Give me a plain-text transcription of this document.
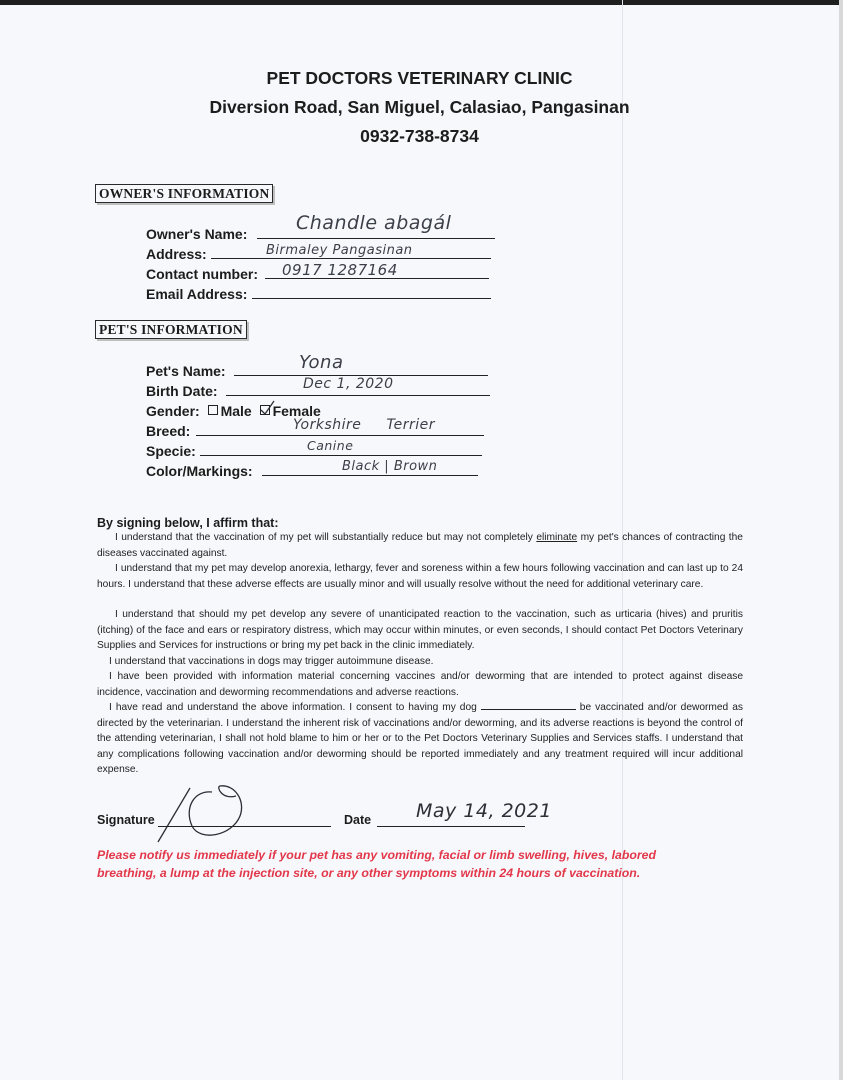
PET DOCTORS VETERINARY CLINIC
Diversion Road, San Miguel, Calasiao, Pangasinan
0932-738-8734
OWNER'S INFORMATION
Owner's Name:	Chandle abagál
Address:	Birmaley Pangasinan
Contact number: 0917 1287164
Email Address:
PET'S INFORMATION
Pet's Name:	Yona
Birth Date:	Dec 1, 2020
Gender: Male Female
Breed:	Yorkshire Terrier
Specie:	Canine
Color/Markings:	Black | Brown
By signing below, I affirm that:

I understand that the vaccination of my pet will substantially reduce but may not completely eliminate my pet's chances of contracting the diseases vaccinated against.

I understand that my pet may develop anorexia, lethargy, fever and soreness within a few hours following vaccination and can last up to 24 hours. I understand that these adverse effects are usually minor and will usually resolve without the need for additional veterinary care.

I understand that should my pet develop any severe of unanticipated reaction to the vaccination, such as urticaria (hives) and pruritis (itching) of the face and ears or respiratory distress, which may occur within minutes, or even seconds, I should contact Pet Doctors Veterinary Supplies and Services for instructions or bring my pet back in the clinic immediately.

I understand that vaccinations in dogs may trigger autoimmune disease.

I have been provided with information material concerning vaccines and/or deworming that are intended to protect against disease incidence, vaccination and deworming recommendations and adverse reactions.

I have read and understand the above information. I consent to having my dog	be vaccinated and/or dewormed as directed by the veterinarian. I understand the inherent risk of vaccinations and/or deworming, and its adverse reactions is beyond the control of the attending veterinarian, I shall not hold blame to him or her or to the Pet Doctors Veterinary Supplies and Services staffs. I understand that any complications following vaccination and/or deworming should be reported immediately and any treatment required will incur additional expense.

Signature	Date May 14, 2021
Please notify us immediately if your pet has any vomiting, facial or limb swelling, hives, labored breathing, a lump at the injection site, or any other symptoms within 24 hours of vaccination.
